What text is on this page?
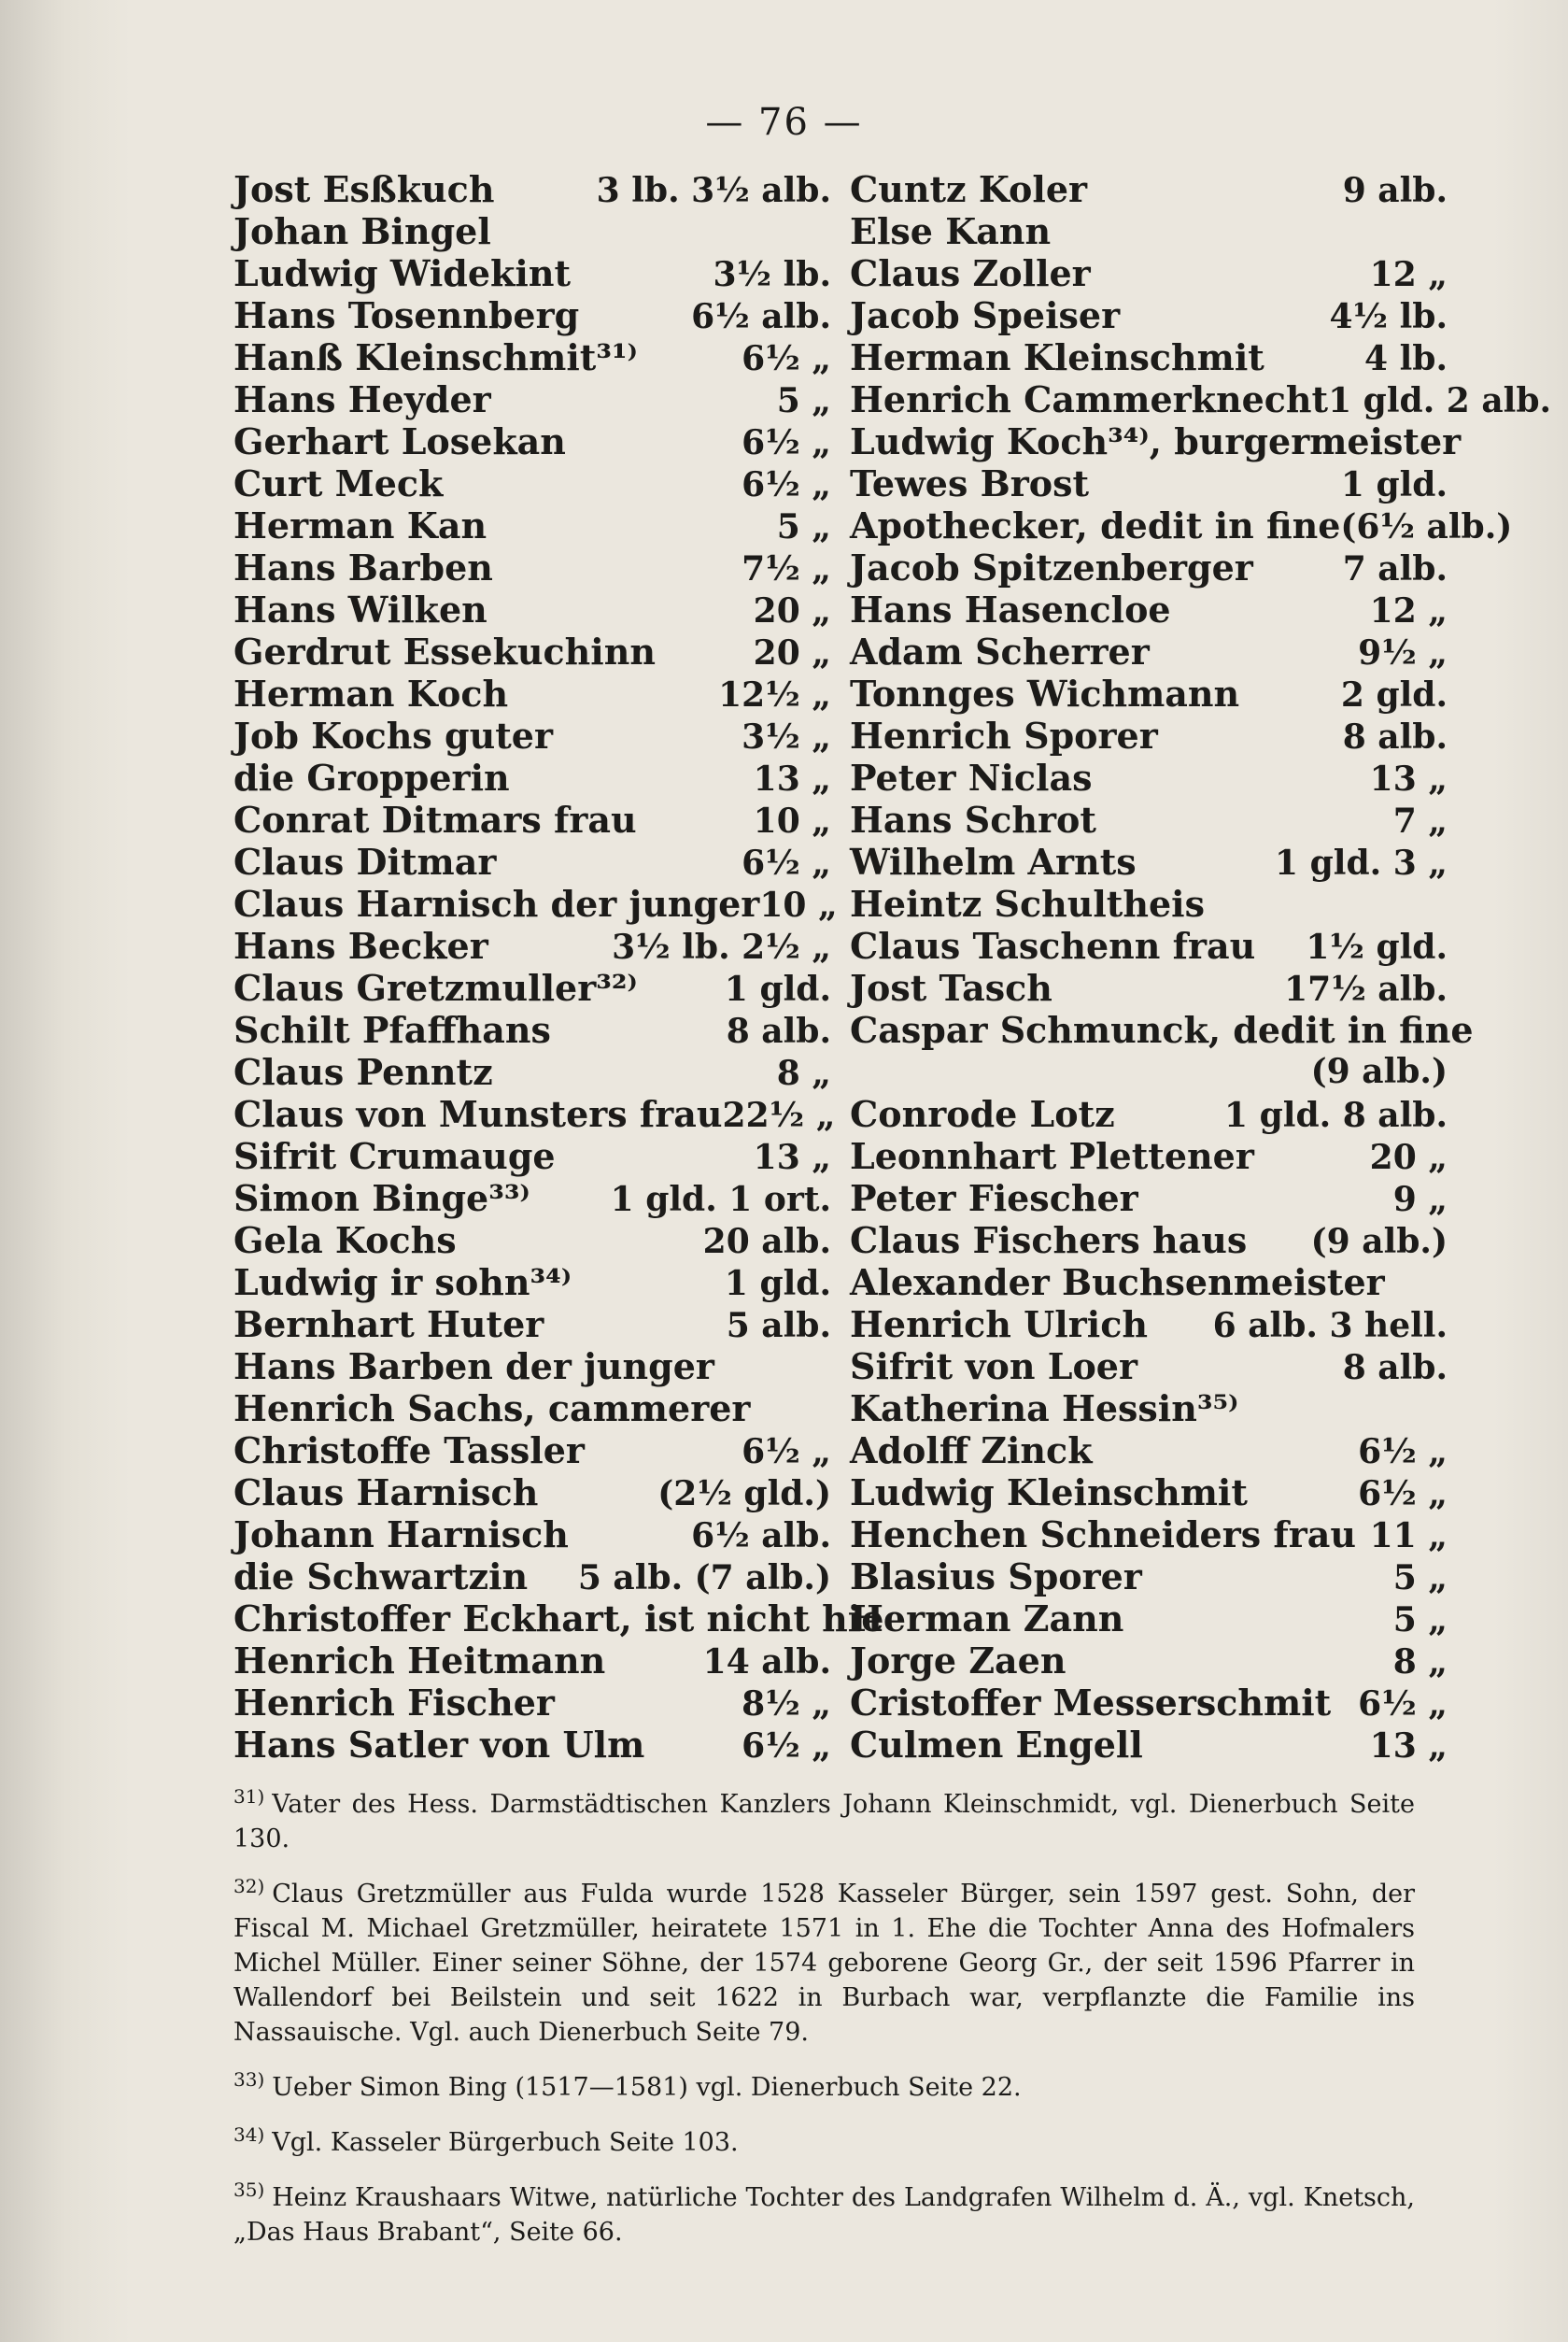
— 76 —
Jost Esßkuch	3 lb. 3½ alb.
Johan Bingel
Ludwig Widekint	3½ lb.
Hans Tosennberg	6½ alb.
Hanß Kleinschmit³¹⁾	6½ „
Hans Heyder	5 „
Gerhart Losekan	6½ „
Curt Meck	6½ „
Herman Kan	5 „
Hans Barben	7½ „
Hans Wilken	20 „
Gerdrut Essekuchinn	20 „
Herman Koch	12½ „
Job Kochs guter	3½ „
die Gropperin	13 „
Conrat Ditmars frau	10 „
Claus Ditmar	6½ „
Claus Harnisch der junger 10 „
Hans Becker	3½ lb. 2½ „
Claus Gretzmuller³²⁾	1 gld.
Schilt Pfaffhans	8 alb.
Claus Penntz	8 „
Claus von Munsters frau 22½ „
Sifrit Crumauge	13 „
Simon Binge³³⁾ 1 gld. 1 ort.
Gela Kochs	20 alb.
Ludwig ir sohn³⁴⁾	1 gld.
Bernhart Huter	5 alb.
Hans Barben der junger
Henrich Sachs, cammerer
Christoffe Tassler	6½ „
Claus Harnisch	(2½ gld.)
Johann Harnisch	6½ alb.
die Schwartzin 5 alb. (7 alb.)
Christoffer Eckhart, ist nicht hie
Henrich Heitmann	14 alb.
Henrich Fischer	8½ „
Hans Satler von Ulm	6½ „
Cuntz Koler	9 alb.
Else Kann
Claus Zoller	12 „
Jacob Speiser	4½ lb.
Herman Kleinschmit	4 lb.
Henrich Cammerknecht 1 gld. 2 alb.
Ludwig Koch³⁴⁾, burgermeister
Tewes Brost	1 gld.
Apothecker, dedit in fine (6½ alb.)
Jacob Spitzenberger	7 alb.
Hans Hasencloe	12 „
Adam Scherrer	9½ „
Tonnges Wichmann	2 gld.
Henrich Sporer	8 alb.
Peter Niclas	13 „
Hans Schrot	7 „
Wilhelm Arnts	1 gld. 3 „
Heintz Schultheis
Claus Taschenn frau 1½ gld.
Jost Tasch	17½ alb.
Caspar Schmunck, dedit in fine
(9 alb.)
Conrode Lotz	1 gld. 8 alb.
Leonnhart Plettener	20 „
Peter Fiescher	9 „
Claus Fischers haus (9 alb.)
Alexander Buchsenmeister
Henrich Ulrich 6 alb. 3 hell.
Sifrit von Loer	8 alb.
Katherina Hessin³⁵⁾
Adolff Zinck	6½ „
Ludwig Kleinschmit	6½ „
Henchen Schneiders frau 11 „
Blasius Sporer	5 „
Herman Zann	5 „
Jorge Zaen	8 „
Cristoffer Messerschmit 6½ „
Culmen Engell	13 „
$^{31)}$ Vater des Hess. Darmstädtischen Kanzlers Johann Kleinschmidt, vgl. Dienerbuch Seite 130.
$^{32)}$ Claus Gretzmüller aus Fulda wurde 1528 Kasseler Bürger, sein 1597 gest. Sohn, der Fiscal M. Michael Gretzmüller, heiratete 1571 in 1. Ehe die Tochter Anna des Hofmalers Michel Müller. Einer seiner Söhne, der 1574 geborene Georg Gr., der seit 1596 Pfarrer in Wallendorf bei Beilstein und seit 1622 in Burbach war, verpflanzte die Familie ins Nassauische. Vgl. auch Dienerbuch Seite 79.
$^{33)}$ Ueber Simon Bing (1517—1581) vgl. Dienerbuch Seite 22.
$^{34)}$ Vgl. Kasseler Bürgerbuch Seite 103.
$^{35)}$ Heinz Kraushaars Witwe, natürliche Tochter des Landgrafen Wilhelm d. Ä., vgl. Knetsch, „Das Haus Brabant“, Seite 66.
